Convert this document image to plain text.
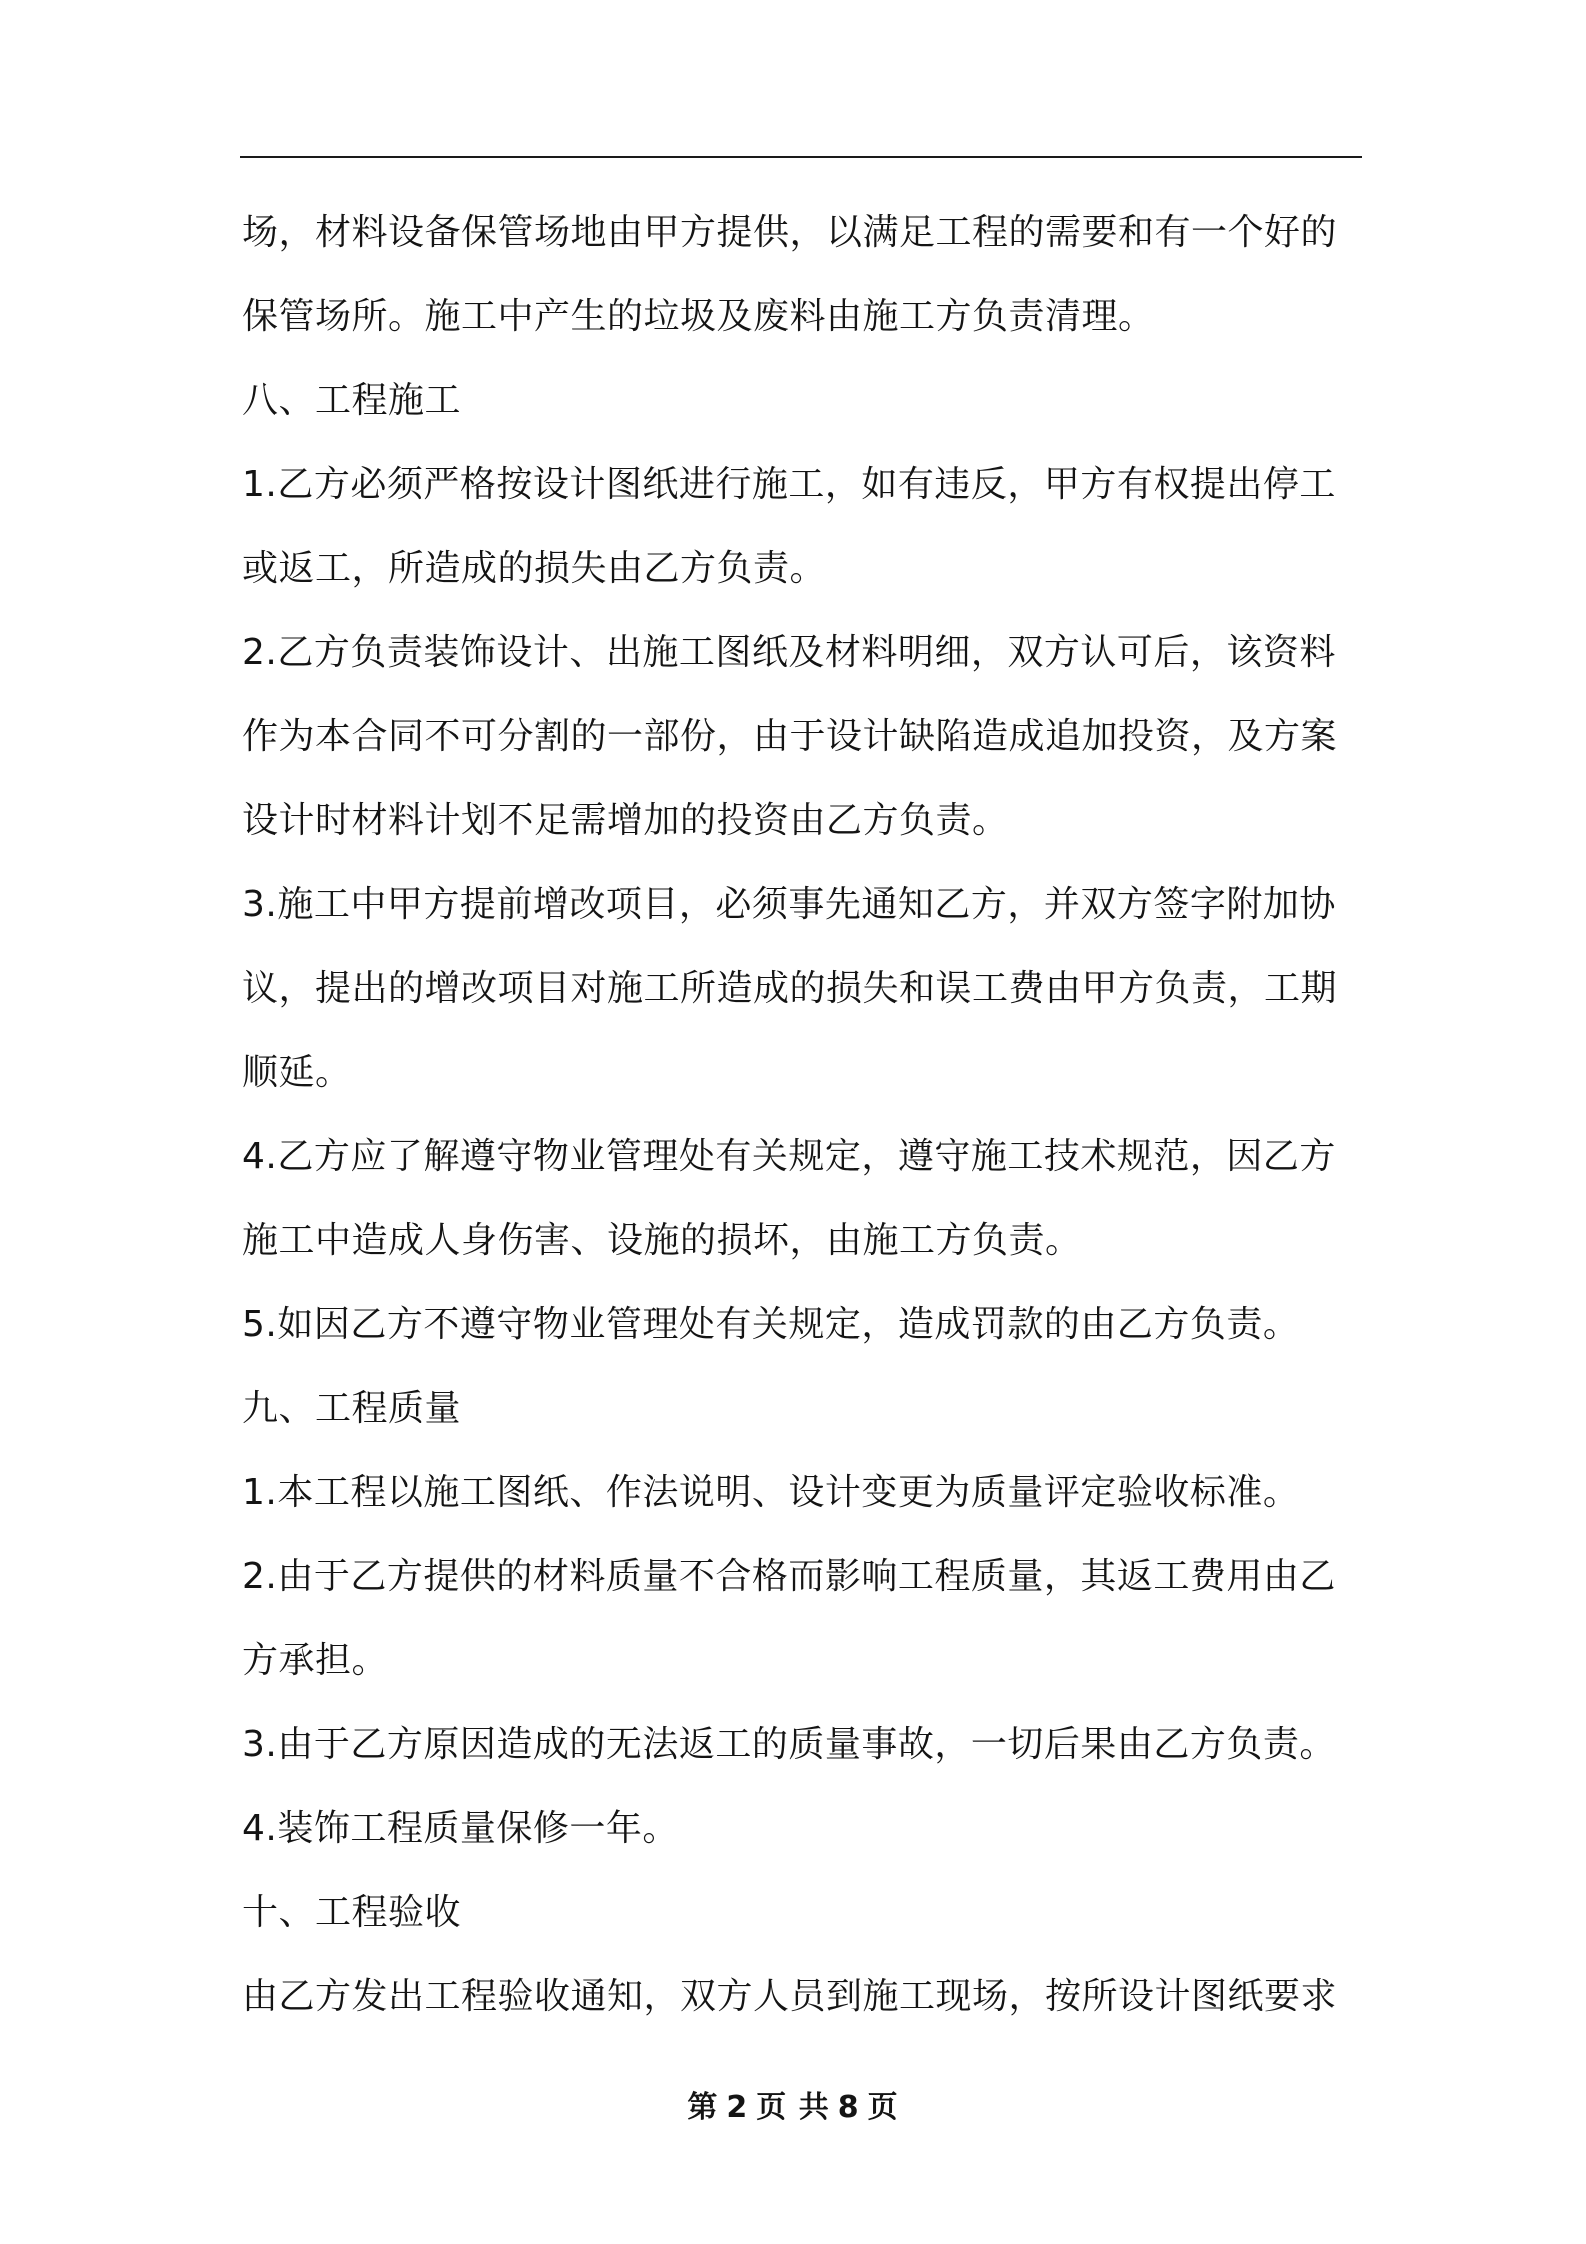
场，材料设备保管场地由甲方提供，以满足工程的需要和有一个好的
保管场所。施工中产生的垃圾及废料由施工方负责清理。
八、工程施工
1.乙方必须严格按设计图纸进行施工，如有违反，甲方有权提出停工
或返工，所造成的损失由乙方负责。
2.乙方负责装饰设计、出施工图纸及材料明细，双方认可后，该资料
作为本合同不可分割的一部份，由于设计缺陷造成追加投资，及方案
设计时材料计划不足需增加的投资由乙方负责。
3.施工中甲方提前增改项目，必须事先通知乙方，并双方签字附加协
议，提出的增改项目对施工所造成的损失和误工费由甲方负责，工期
顺延。
4.乙方应了解遵守物业管理处有关规定，遵守施工技术规范，因乙方
施工中造成人身伤害、设施的损坏，由施工方负责。
5.如因乙方不遵守物业管理处有关规定，造成罚款的由乙方负责。
九、工程质量
1.本工程以施工图纸、作法说明、设计变更为质量评定验收标准。
2.由于乙方提供的材料质量不合格而影响工程质量，其返工费用由乙
方承担。
3.由于乙方原因造成的无法返工的质量事故，一切后果由乙方负责。
4.装饰工程质量保修一年。
十、工程验收
由乙方发出工程验收通知，双方人员到施工现场，按所设计图纸要求
第 2 页 共 8 页
